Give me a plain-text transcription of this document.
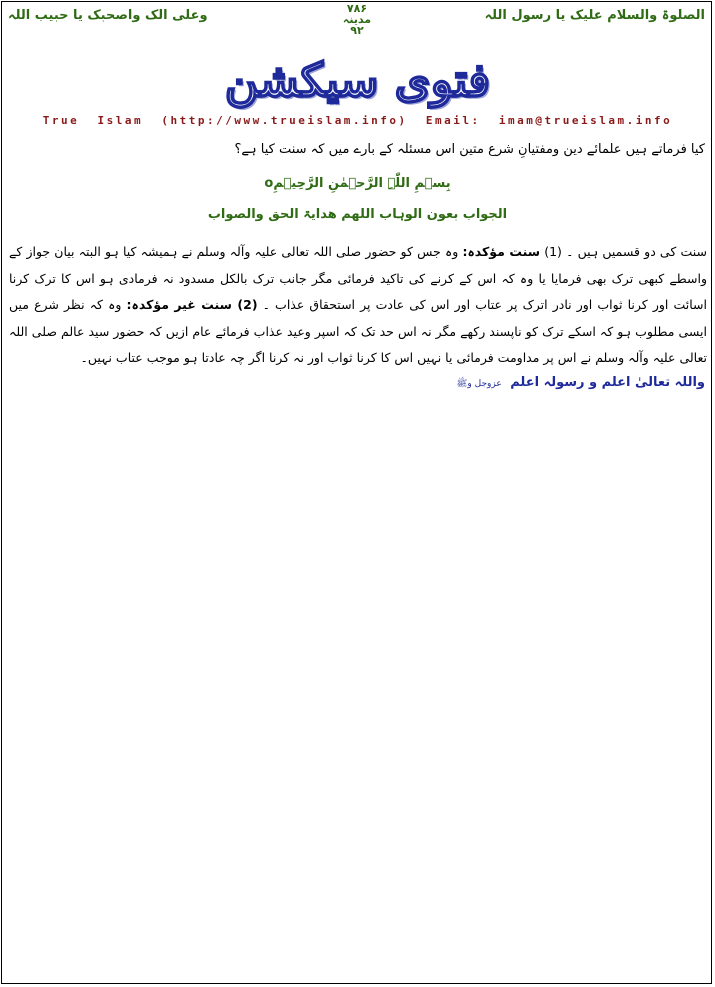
الصلوۃ والسلام علیک یا رسول اللہ
۷۸۶
مدینہ
۹۲
وعلی الک واصحبک یا حبیب اللہ
فتوی سیکشن
True  Islam  (http://www.trueislam.info)  Email:  imam@trueislam.info
کیا فرماتے ہیں علمائے دین ومفتیانِ شرع متین اس مسئلہ کے بارے میں کہ سنت کیا ہے؟
بِسۡمِ اللّٰہِ الرَّحۡمٰنِ الرَّحِیۡمِo
الجواب بعون الوہاب اللھم ھدایۃ الحق والصواب
سنت کی دو قسمیں ہیں ۔ (1) سنت مؤکدہ: وہ جس کو حضور صلی اللہ تعالی علیہ وآلہ وسلم نے ہمیشہ کیا ہو البتہ بیان جواز کے واسطے کبھی ترک بھی فرمایا یا وہ کہ اس کے کرنے کی تاکید فرمائی مگر جانب ترک بالکل مسدود نہ فرمادی ہو اس کا ترک کرنا اسائت اور کرنا ثواب اور نادر اترک پر عتاب اور اس کی عادت پر استحقاق عذاب ۔ (2) سنت غیر مؤکدہ: وہ کہ نظر شرع میں ایسی مطلوب ہو کہ اسکے ترک کو ناپسند رکھے مگر نہ اس حد تک کہ اسپر وعید عذاب فرمائے عام ازیں کہ حضور سید عالم صلی اللہ تعالی علیہ وآلہ وسلم نے اس پر مداومت فرمائی یا نہیں اس کا کرنا ثواب اور نہ کرنا اگر چہ عادتا ہو موجب عتاب نہیں۔
واللہ تعالیٰ اعلم و رسولہ اعلم عزوجل وﷺ
